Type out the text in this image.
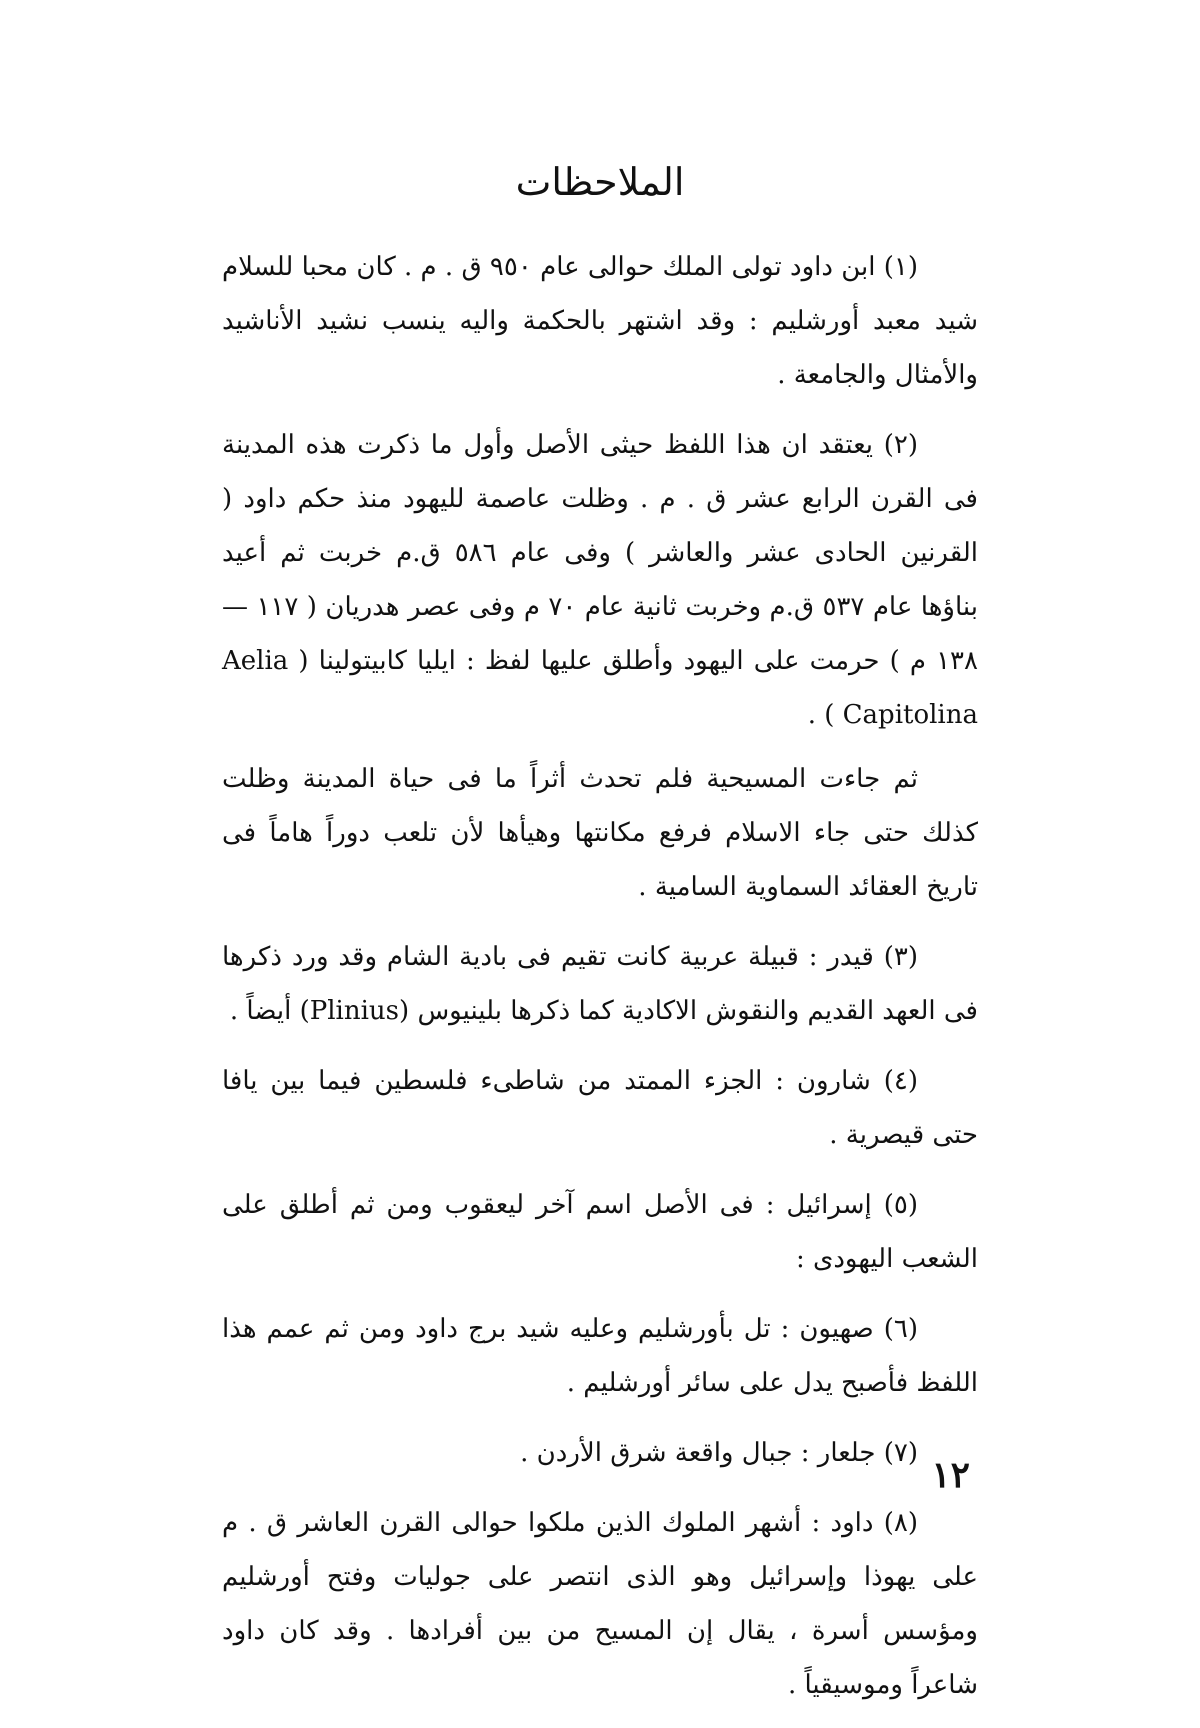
الملاحظات

(١) ابن داود تولى الملك حوالى عام ٩٥٠ ق . م . كان محبا للسلام شيد معبد أورشليم : وقد اشتهر بالحكمة واليه ينسب نشيد الأناشيد والأمثال والجامعة .

(٢) يعتقد ان هذا اللفظ حيثى الأصل وأول ما ذكرت هذه المدينة فى القرن الرابع عشر ق . م . وظلت عاصمة لليهود منذ حكم داود ( القرنين الحادى عشر والعاشر ) وفى عام ٥٨٦ ق.م خربت ثم أعيد بناؤها عام ٥٣٧ ق.م وخربت ثانية عام ٧٠ م وفى عصر هدريان ( ١١٧ — ١٣٨ م ) حرمت على اليهود وأطلق عليها لفظ : ايليا كابيتولينا ( Aelia Capitolina ) .

ثم جاءت المسيحية فلم تحدث أثراً ما فى حياة المدينة وظلت كذلك حتى جاء الاسلام فرفع مكانتها وهيأها لأن تلعب دوراً هاماً فى تاريخ العقائد السماوية السامية .

(٣) قيدر : قبيلة عربية كانت تقيم فى بادية الشام وقد ورد ذكرها فى العهد القديم والنقوش الاكادية كما ذكرها بلينيوس (Plinius) أيضاً .

(٤) شارون : الجزء الممتد من شاطىء فلسطين فيما بين يافا حتى قيصرية .

(٥) إسرائيل : فى الأصل اسم آخر ليعقوب ومن ثم أطلق على الشعب اليهودى :

(٦) صهيون : تل بأورشليم وعليه شيد برج داود ومن ثم عمم هذا اللفظ فأصبح يدل على سائر أورشليم .

(٧) جلعار : جبال واقعة شرق الأردن .

(٨) داود : أشهر الملوك الذين ملكوا حوالى القرن العاشر ق . م على يهوذا وإسرائيل وهو الذى انتصر على جوليات وفتح أورشليم ومؤسس أسرة ، يقال إن المسيح من بين أفرادها . وقد كان داود شاعراً وموسيقياً .

١٢
